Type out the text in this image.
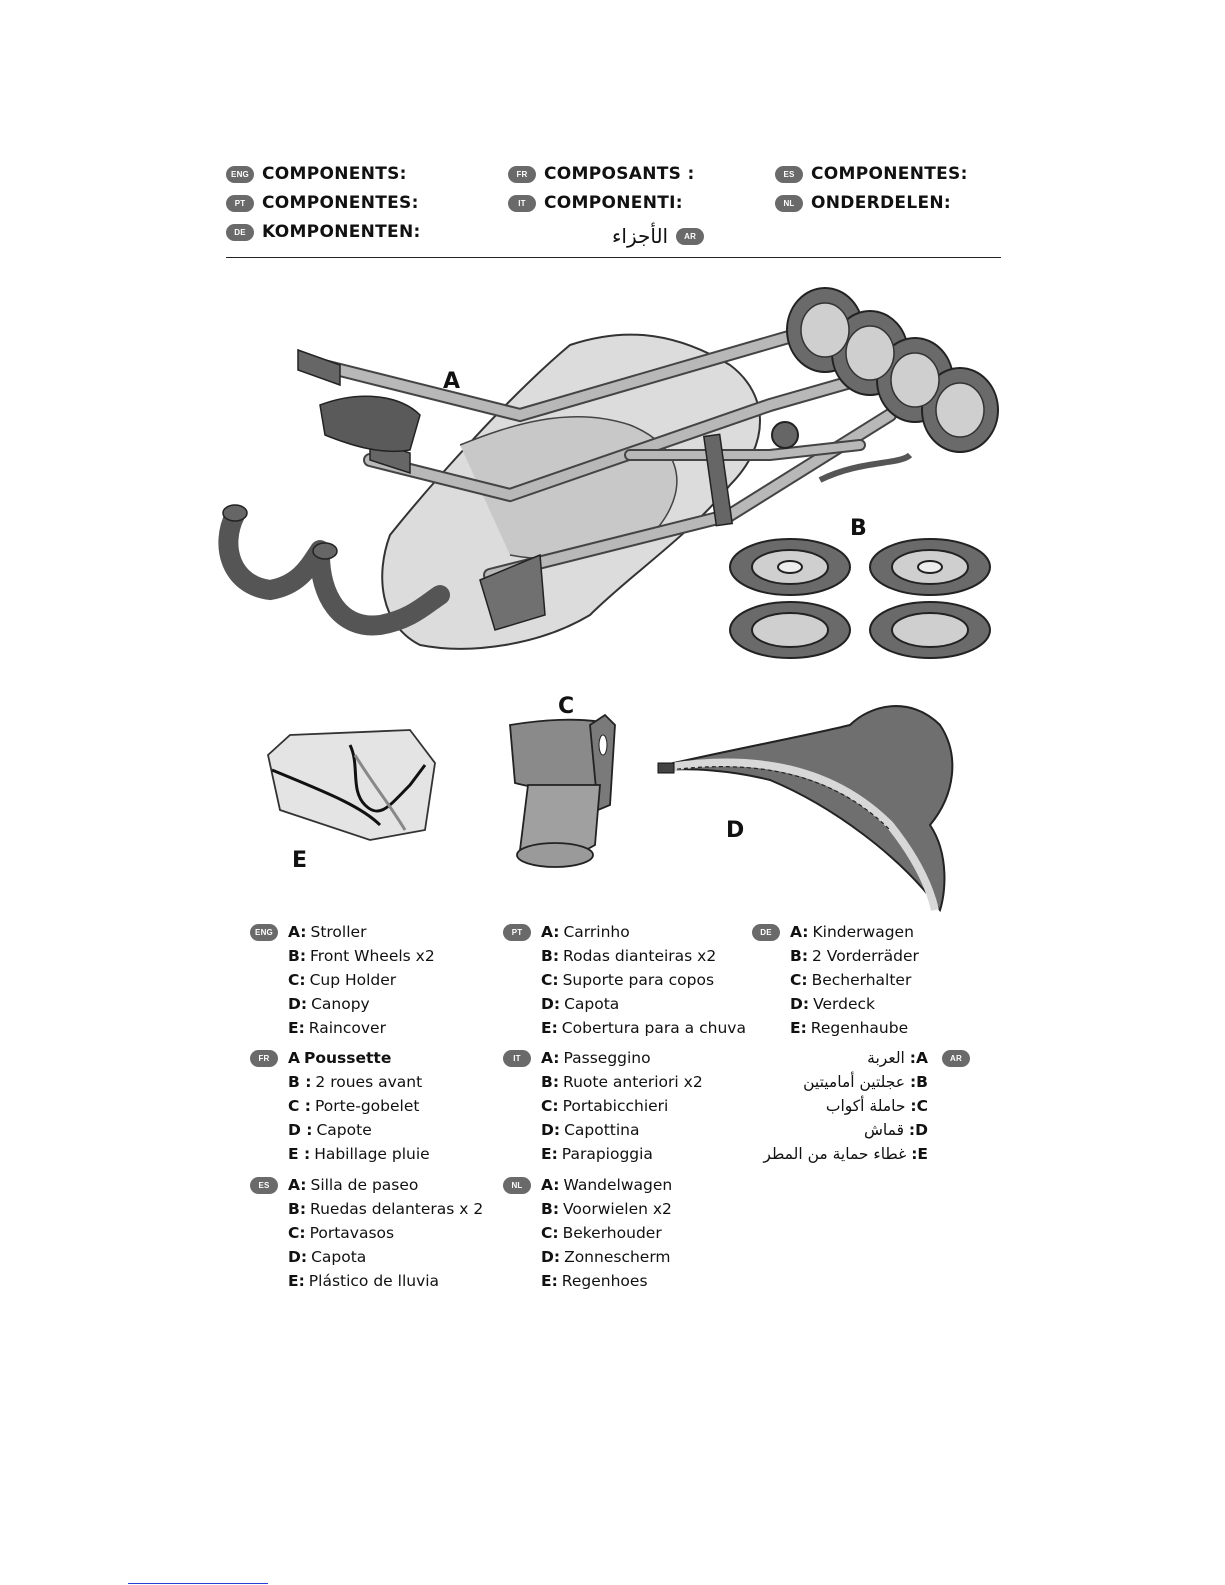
ENG COMPONENTS:	FR COMPOSANTS :	ES COMPONENTES:
PT COMPONENTES:	IT	COMPONENTI:	NL ONDERDELEN:
DE KOMPONENTEN:	الأجزاء	AR
A
B
E
C
D
ENG A: Stroller
B: Front Wheels x2
C: Cup Holder
D: Canopy
E: Raincover
PT	A: Carrinho
B: Rodas dianteiras x2
C: Suporte para copos
D: Capota
E: Cobertura para a chuva
DE	A: Kinderwagen
B: 2 Vorderräder
C: Becherhalter
D: Verdeck
E: Regenhaube
FR	A Poussette
B : 2 roues avant
C : Porte-gobelet
D : Capote
E : Habillage pluie
IT	A: Passeggino
B: Ruote anteriori x2
C: Portabicchieri
D: Capottina
E: Parapioggia
AR
A: العربة
B: عجلتين أماميتين
C: حاملة أكواب
D: قماش
E: غطاء حماية من المطر
ES	A: Silla de paseo
B: Ruedas delanteras x 2
C: Portavasos
D: Capota
E: Plástico de lluvia
NL	A: Wandelwagen
B: Voorwielen x2
C: Bekerhouder
D: Zonnescherm
E: Regenhoes
